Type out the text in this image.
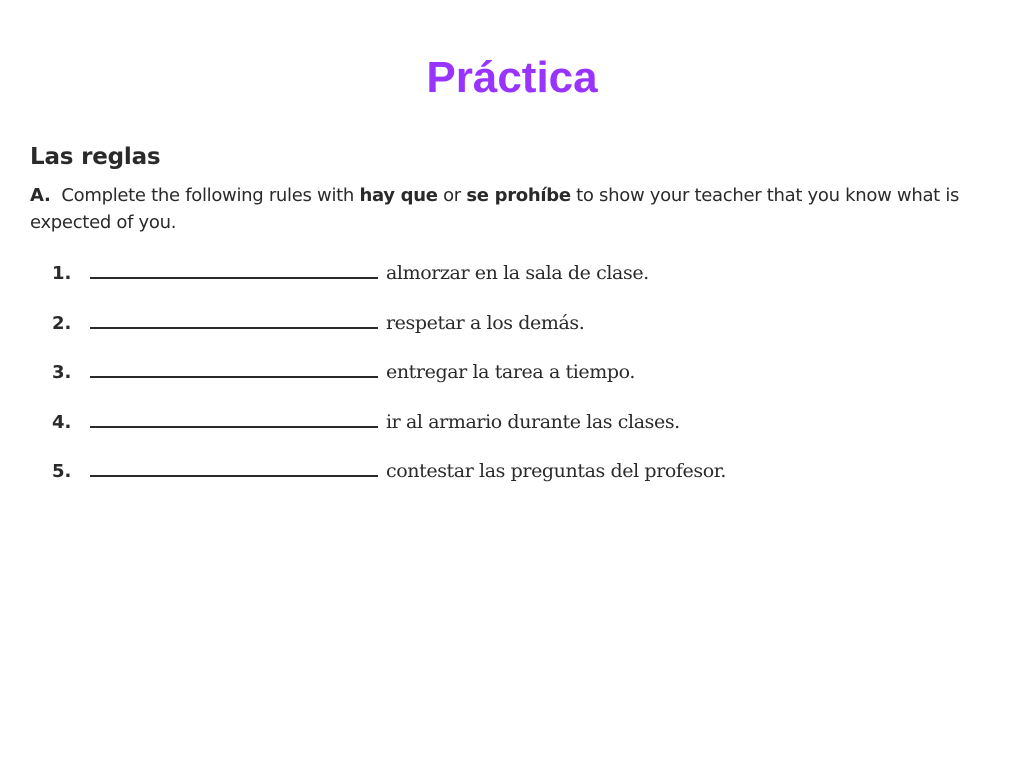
Práctica
Las reglas

A. Complete the following rules with hay que or se prohíbe to show your teacher that you know what is expected of you.

1.	almorzar en la sala de clase.
2.	respetar a los demás.
3.	entregar la tarea a tiempo.
4.	ir al armario durante las clases.
5.	contestar las preguntas del profesor.
